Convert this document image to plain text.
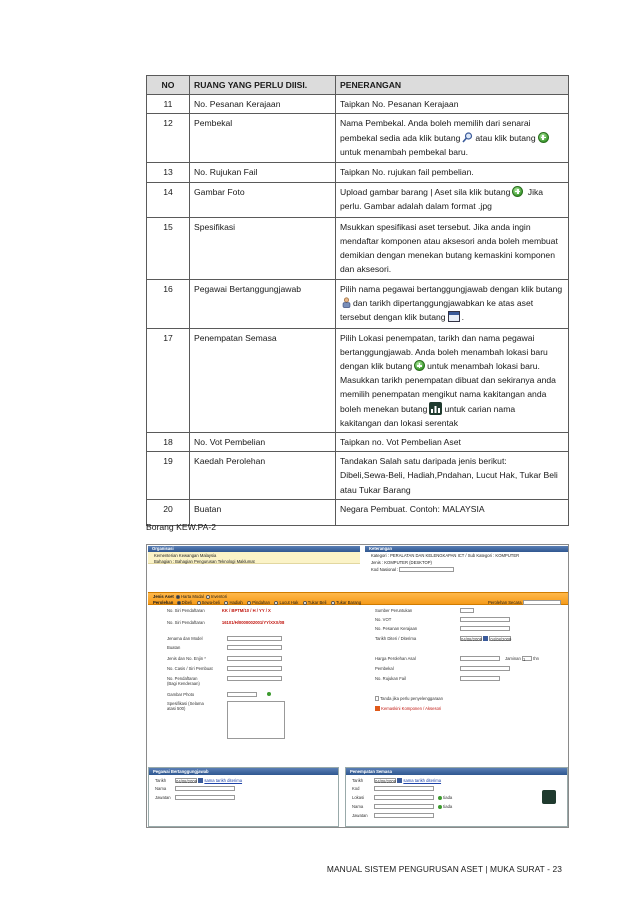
NO	RUANG YANG PERLU DIISI.	PENERANGAN
11	No. Pesanan Kerajaan	Taipkan No. Pesanan Kerajaan
12	Pembekal	Nama Pembekal. Anda boleh memilih dari senarai
pembekal sedia ada klik butang atau klik butang
untuk menambah pembekal baru.
13	No. Rujukan Fail	Taipkan No. rujukan fail pembelian.
14	Gambar Foto	Upload gambar barang | Aset sila klik butang Jika
perlu. Gambar adalah dalam format .jpg
15	Spesifikasi	Msukkan spesifikasi aset tersebut. Jika anda ingin mendaftar komponen atau aksesori anda boleh membuat demikian dengan menekan butang kemaskini komponen dan aksesori.
16	Pegawai Bertanggungjawab	Pilih nama pegawai bertanggungjawab dengan klik butang
dan tarikh dipertanggungjawabkan ke atas aset
tersebut dengan klik butang .
17	Penempatan Semasa	Pilih Lokasi penempatan, tarikh dan nama pegawai bertanggungjawab. Anda boleh menambah lokasi baru dengan klik butang untuk menambah lokasi baru. Masukkan tarikh penempatan dibuat dan sekiranya anda memilih penempatan mengikut nama kakitangan anda boleh menekan butang untuk carian nama
kakitangan dan lokasi serentak
18	No. Vot Pembelian	Taipkan no. Vot Pembelian Aset
19	Kaedah Perolehan	Tandakan Salah satu daripada jenis berikut:
Dibeli,Sewa-Beli, Hadiah,Pndahan, Lucut Hak, Tukar Beli
atau Tukar Barang
20	Buatan	Negara Pembuat. Contoh: MALAYSIA
Borang KEW.PA-2
Organisasi
Kementerian Kewangan Malaysia
Bahagian : Bahagian Pengurusan Teknologi Maklumat
Keterangan
Kategori : PERALATAN DAN KELENGKAPAN ICT / Sub Kategori : KOMPUTER
Jenis : KOMPUTER (DESKTOP)
Kod Nasional :
Jenis Aset Harta Modal Inventori
Perolehan Dibeli Sewa-beli Hadiah Pindahan Lucut Hak Tukar Beli Tukar Barang	Perolehan Secara
No. Siri Pendaftaran	KK / BPTM/10 / H / YY / X
No. Siri Pendaftaran	16101/H/0000002001/YY/XXX/08
Jenama dan Model
Buatan
Jenis dan No. Enjin *
No. Casis / Siri Pembuat
No. Pendaftaran (Bagi Kenderaan)
Gambar Photo
Spesifikasi (Selama atasi 500)
Sumber Peruntukan
No. VOT
No. Pesanan Kerajaan
Tarikh Diteri / Diterima	04/08/2009 04/08/2009
Harga Perolehan Asal	Jaminan 1 thn
Pembekal
No. Rujukan Fail
Tanda jika perlu penyelenggaraan
Kemaskini Komponen / Aksesori
Pegawai Bertanggungjawab
Tarikh 04/08/2009 sama tarikh diterima
Nama
Jawatan
Penempatan Semasa
Tarikh	04/08/2009 sama tarikh diterima
Kod
Lokasi	tiada
Nama	tiada
Jawatan
MANUAL SISTEM PENGURUSAN ASET | MUKA SURAT - 23
